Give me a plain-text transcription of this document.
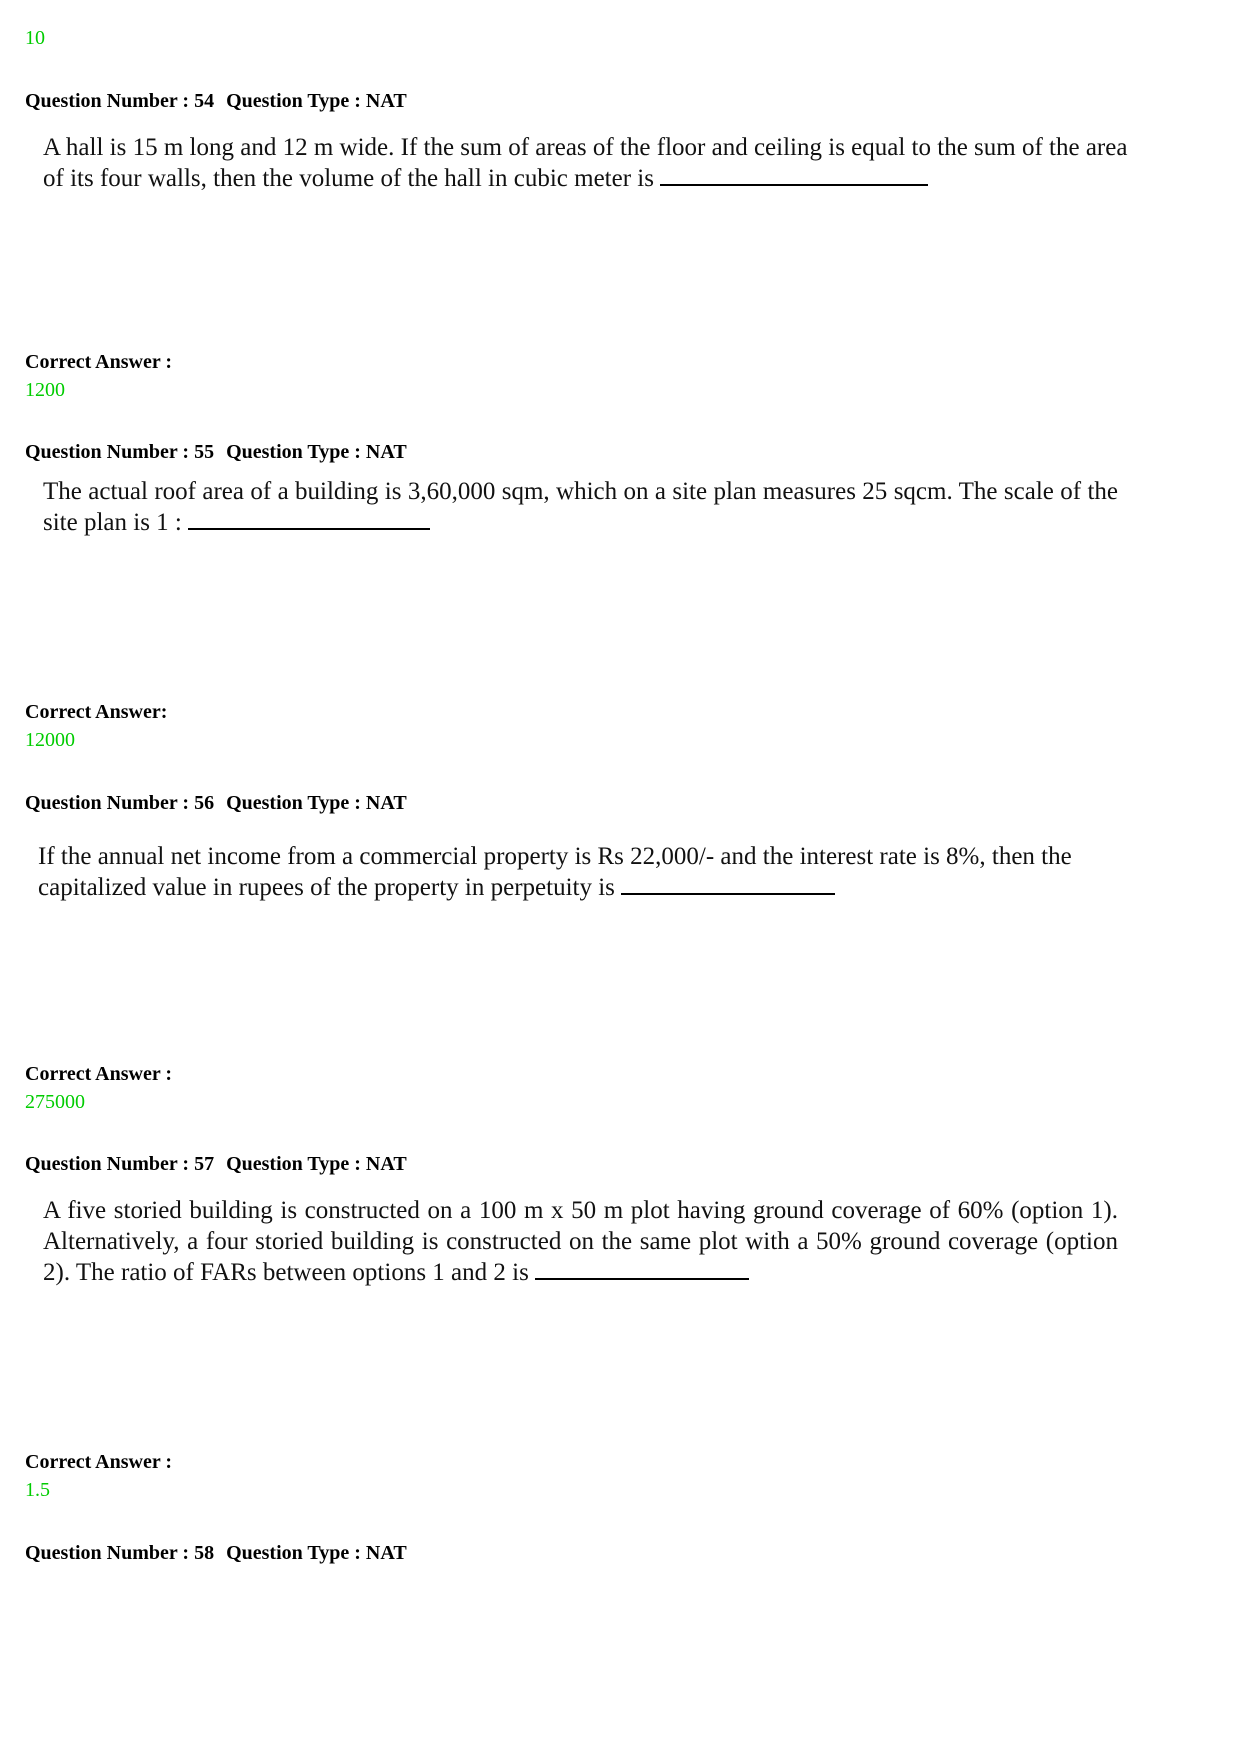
10
Question Number : 54 Question Type : NAT
A hall is 15 m long and 12 m wide. If the sum of areas of the floor and ceiling is equal to the sum of the area of its four walls, then the volume of the hall in cubic meter is
Correct Answer :
1200
Question Number : 55 Question Type : NAT
The actual roof area of a building is 3,60,000 sqm, which on a site plan measures 25 sqcm. The scale of the site plan is 1 :
Correct Answer:
12000
Question Number : 56 Question Type : NAT
If the annual net income from a commercial property is Rs 22,000/- and the interest rate is 8%, then the capitalized value in rupees of the property in perpetuity is
Correct Answer :
275000
Question Number : 57 Question Type : NAT
A five storied building is constructed on a 100 m x 50 m plot having ground coverage of 60% (option 1). Alternatively, a four storied building is constructed on the same plot with a 50% ground coverage (option 2). The ratio of FARs between options 1 and 2 is
Correct Answer :
1.5
Question Number : 58 Question Type : NAT
